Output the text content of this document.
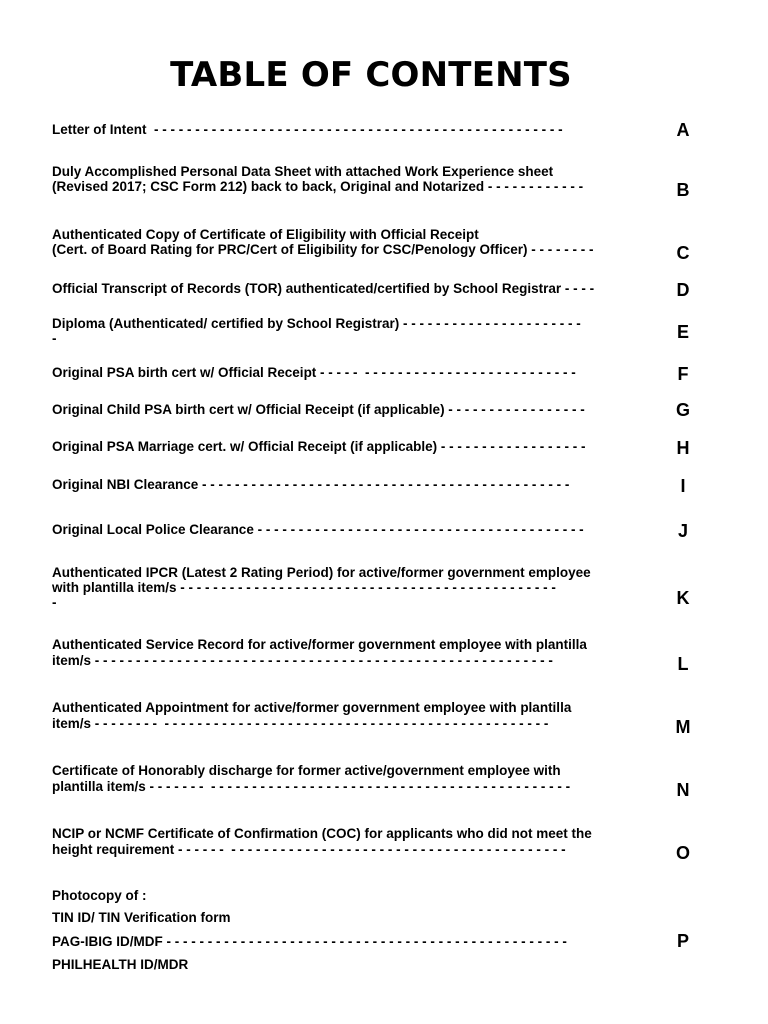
TABLE OF CONTENTS
Letter of Intent  - - - - - - - - - - - - - - - - - - - - - - - - - - - - - - - - - - - - - - - - - - - - - - - - - -	A
Duly Accomplished Personal Data Sheet with attached Work Experience sheet
(Revised 2017; CSC Form 212) back to back, Original and Notarized - - - - - - - - - - - -	B
Authenticated Copy of Certificate of Eligibility with Official Receipt
(Cert. of Board Rating for PRC/Cert of Eligibility for CSC/Penology Officer) - - - - - - - -	C
Official Transcript of Records (TOR) authenticated/certified by School Registrar - - - -	D
Diploma (Authenticated/ certified by School Registrar) - - - - - - - - - - - - - - - - - - - - - -
-	E
Original PSA birth cert w/ Official Receipt - - - - -  - - - - - - - - - - - - - - - - - - - - - - - - - -	F
Original Child PSA birth cert w/ Official Receipt (if applicable) - - - - - - - - - - - - - - - - -	G
Original PSA Marriage cert. w/ Official Receipt (if applicable) - - - - - - - - - - - - - - - - - -	H
Original NBI Clearance - - - - - - - - - - - - - - - - - - - - - - - - - - - - - - - - - - - - - - - - - - - - -	I
Original Local Police Clearance - - - - - - - - - - - - - - - - - - - - - - - - - - - - - - - - - - - - - - - -	J
Authenticated IPCR (Latest 2 Rating Period) for active/former government employee
with plantilla item/s - - - - - - - - - - - - - - - - - - - - - - - - - - - - - - - - - - - - - - - - - - - - - -
-	K
Authenticated Service Record for active/former government employee with plantilla
item/s - - - - - - - - - - - - - - - - - - - - - - - - - - - - - - - - - - - - - - - - - - - - - - - - - - - - - - - -	L
Authenticated Appointment for active/former government employee with plantilla
item/s - - - - - - - -  - - - - - - - - - - - - - - - - - - - - - - - - - - - - - - - - - - - - - - - - - - - - - - -	M
Certificate of Honorably discharge for former active/government employee with
plantilla item/s - - - - - - -  - - - - - - - - - - - - - - - - - - - - - - - - - - - - - - - - - - - - - - - - - - - -	N
NCIP or NCMF Certificate of Confirmation (COC) for applicants who did not meet the
height requirement - - - - - -  - - - - - - - - - - - - - - - - - - - - - - - - - - - - - - - - - - - - - - - - -	O
Photocopy of :
TIN ID/ TIN Verification form
PAG-IBIG ID/MDF - - - - - - - - - - - - - - - - - - - - - - - - - - - - - - - - - - - - - - - - - - - - - - - - -
PHILHEALTH ID/MDR
P
